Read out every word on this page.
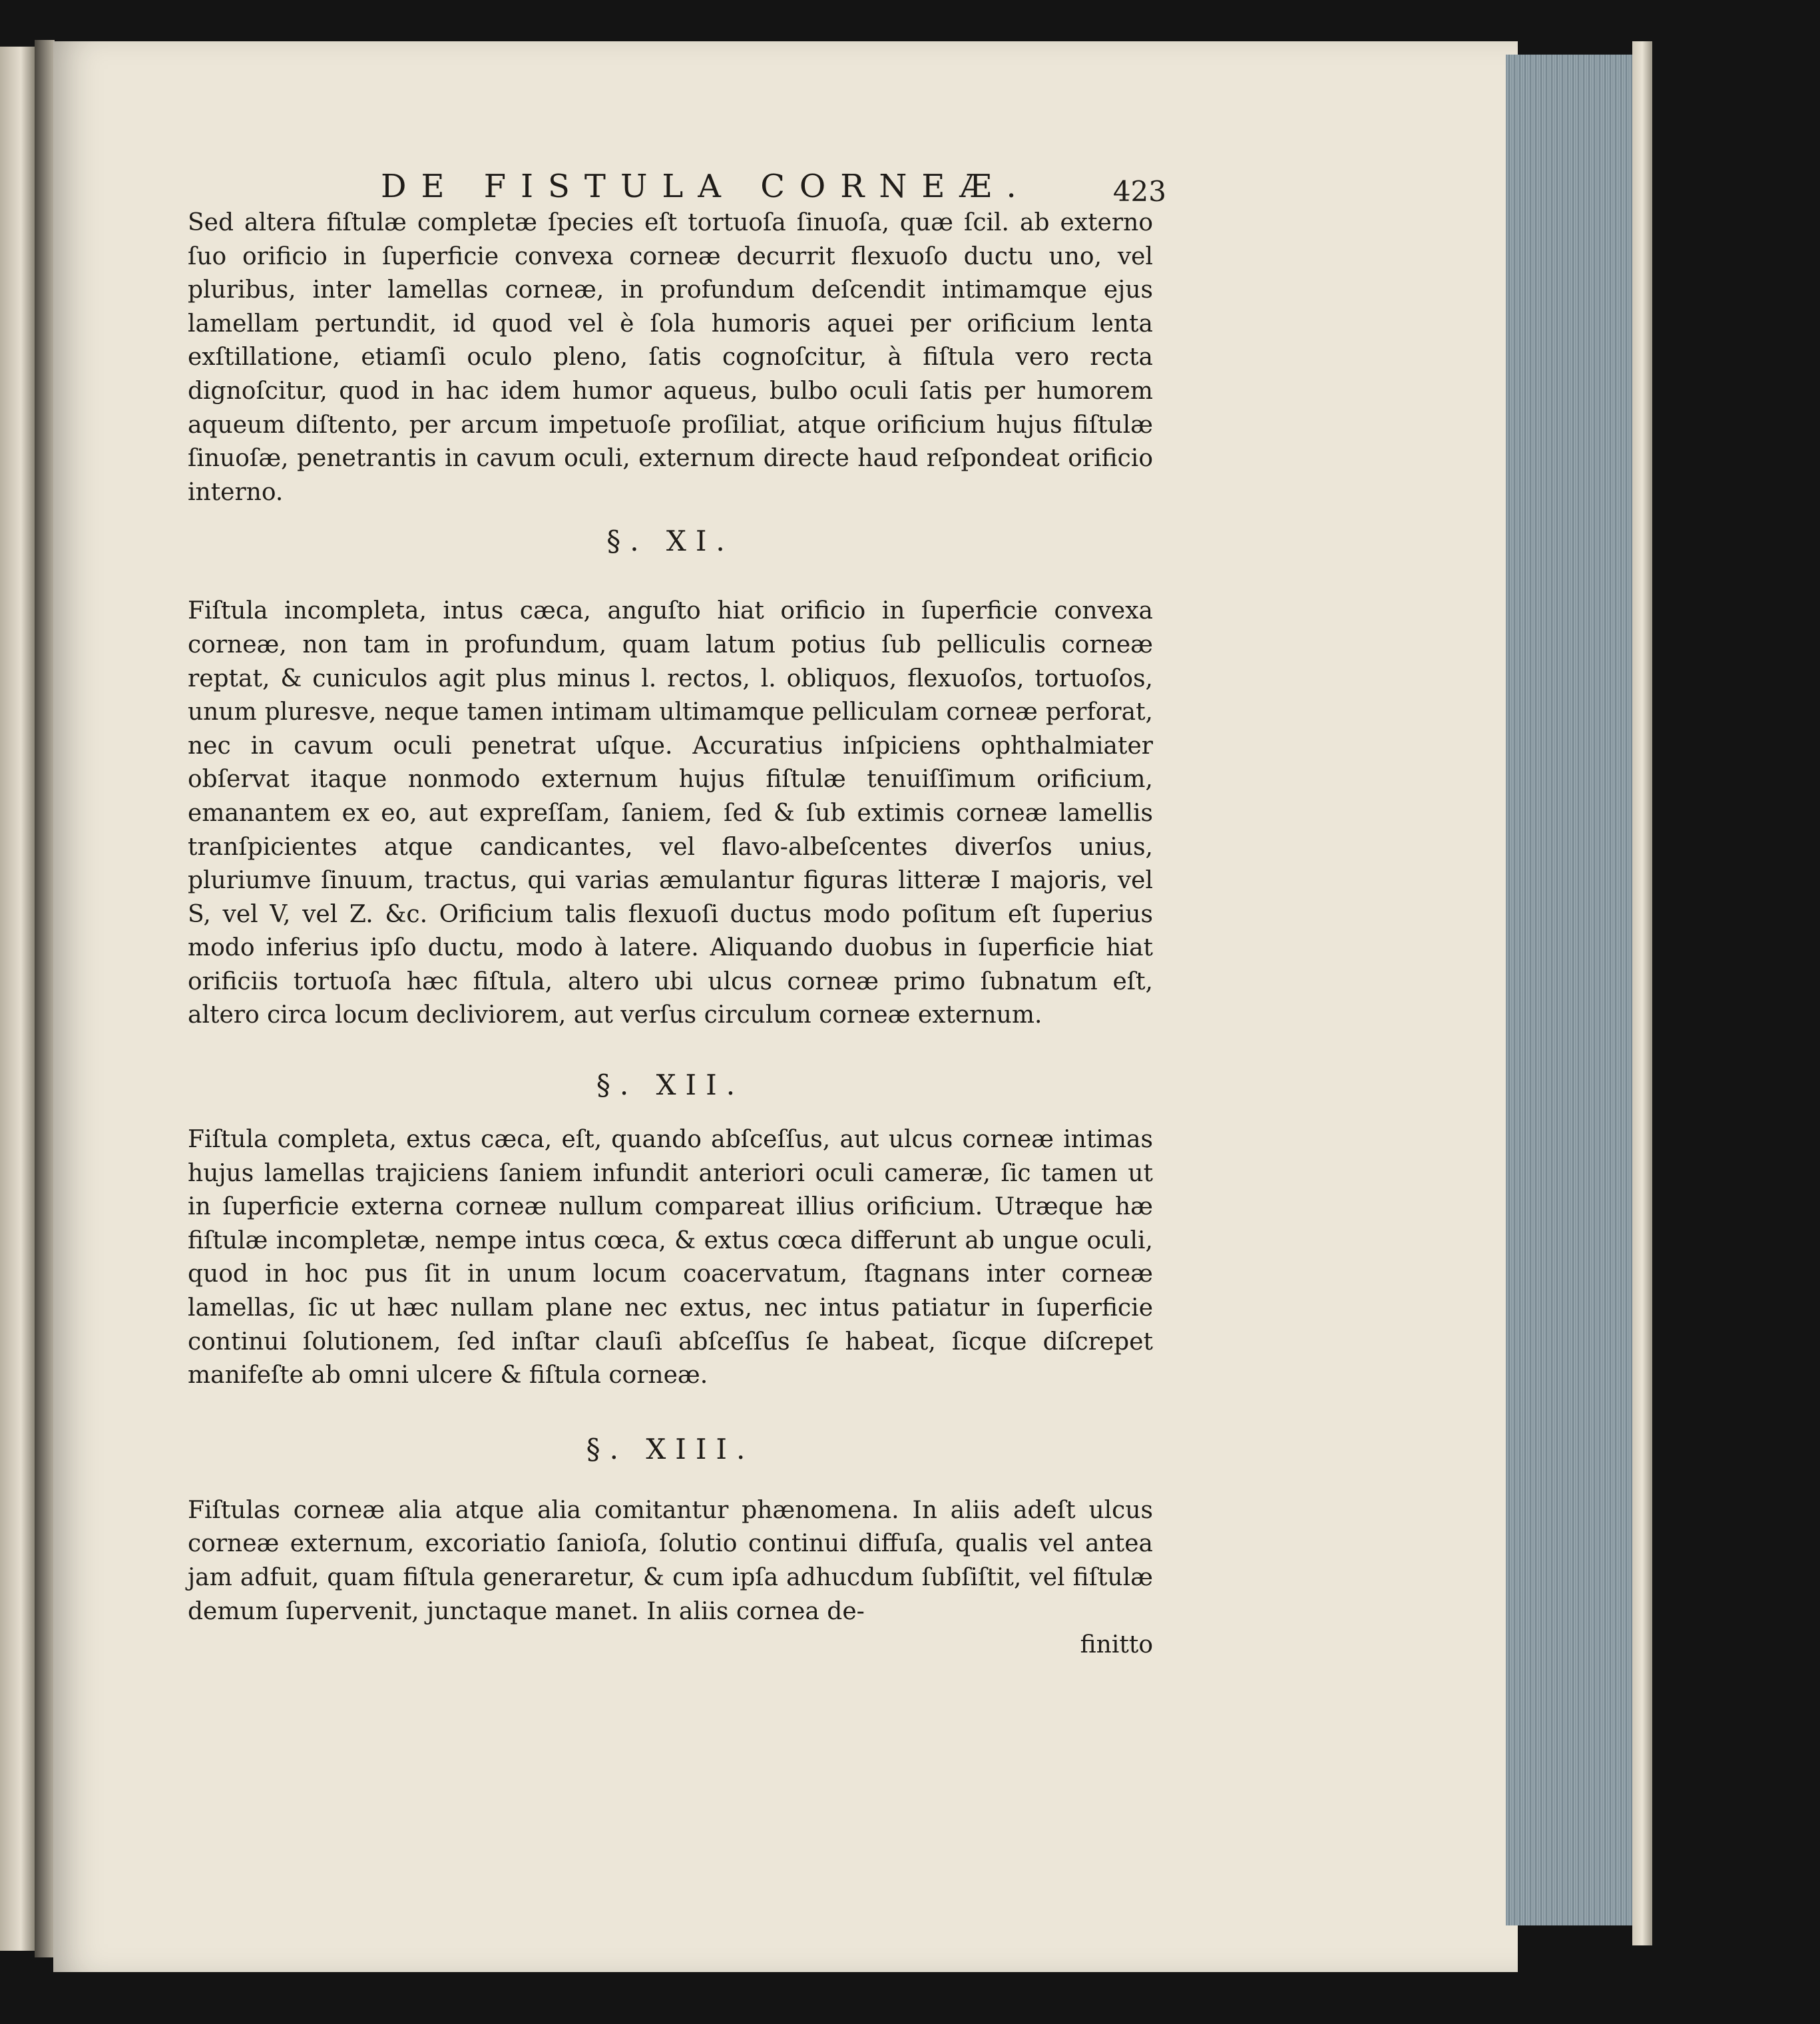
DE FISTULA CORNEÆ.	423

Sed altera fiſtulæ completæ ſpecies eſt tortuoſa ſinuoſa, quæ ſcil. ab externo ſuo orificio in ſuperficie convexa corneæ decurrit flexuoſo ductu uno, vel pluribus, inter lamellas corneæ, in profundum deſcendit intimamque ejus lamellam pertundit, id quod vel è ſola humoris aquei per orificium lenta exſtillatione, etiamſi oculo pleno, ſatis cognoſcitur, à fiſtula vero recta dignoſcitur, quod in hac idem humor aqueus, bulbo oculi ſatis per humorem aqueum diſtento, per arcum impetuoſe proſiliat, atque orificium hujus fiſtulæ ſinuoſæ, penetrantis in cavum oculi, externum directe haud reſpondeat orificio interno.

§. XI.

Fiſtula incompleta, intus cæca, anguſto hiat orificio in ſuperficie convexa corneæ, non tam in profundum, quam latum potius ſub pelliculis corneæ reptat, & cuniculos agit plus minus l. rectos, l. obliquos, flexuoſos, tortuoſos, unum pluresve, neque tamen intimam ultimamque pelliculam corneæ perforat, nec in cavum oculi penetrat uſque. Accuratius inſpiciens ophthalmiater obſervat itaque nonmodo externum hujus fiſtulæ tenuiſſimum orificium, emanantem ex eo, aut expreſſam, ſaniem, ſed & ſub extimis corneæ lamellis tranſpicientes atque candicantes, vel flavo-albeſcentes diverſos unius, pluriumve ſinuum, tractus, qui varias æmulantur figuras litteræ I majoris, vel S, vel V, vel Z. &c. Orificium talis flexuoſi ductus modo poſitum eſt ſuperius modo inferius ipſo ductu, modo à latere. Aliquando duobus in ſuperficie hiat orificiis tortuoſa hæc fiſtula, altero ubi ulcus corneæ primo ſubnatum eſt, altero circa locum decliviorem, aut verſus circulum corneæ externum.

§. XII.

Fiſtula completa, extus cæca, eſt, quando abſceſſus, aut ulcus corneæ intimas hujus lamellas trajiciens ſaniem infundit anteriori oculi cameræ, ſic tamen ut in ſuperficie externa corneæ nullum compareat illius orificium. Utræque hæ fiſtulæ incompletæ, nempe intus cœca, & extus cœca differunt ab ungue oculi, quod in hoc pus ſit in unum locum coacervatum, ſtagnans inter corneæ lamellas, ſic ut hæc nullam plane nec extus, nec intus patiatur in ſuperficie continui ſolutionem, ſed inſtar clauſi abſceſſus ſe habeat, ſicque diſcrepet manifeſte ab omni ulcere & fiſtula corneæ.

§. XIII.

Fiſtulas corneæ alia atque alia comitantur phænomena. In aliis adeſt ulcus corneæ externum, excoriatio ſanioſa, ſolutio continui diffuſa, qualis vel antea jam adfuit, quam fiſtula generaretur, & cum ipſa adhucdum ſubſiſtit, vel fiſtulæ demum ſupervenit, junctaque manet. In aliis cornea de-

finitto
